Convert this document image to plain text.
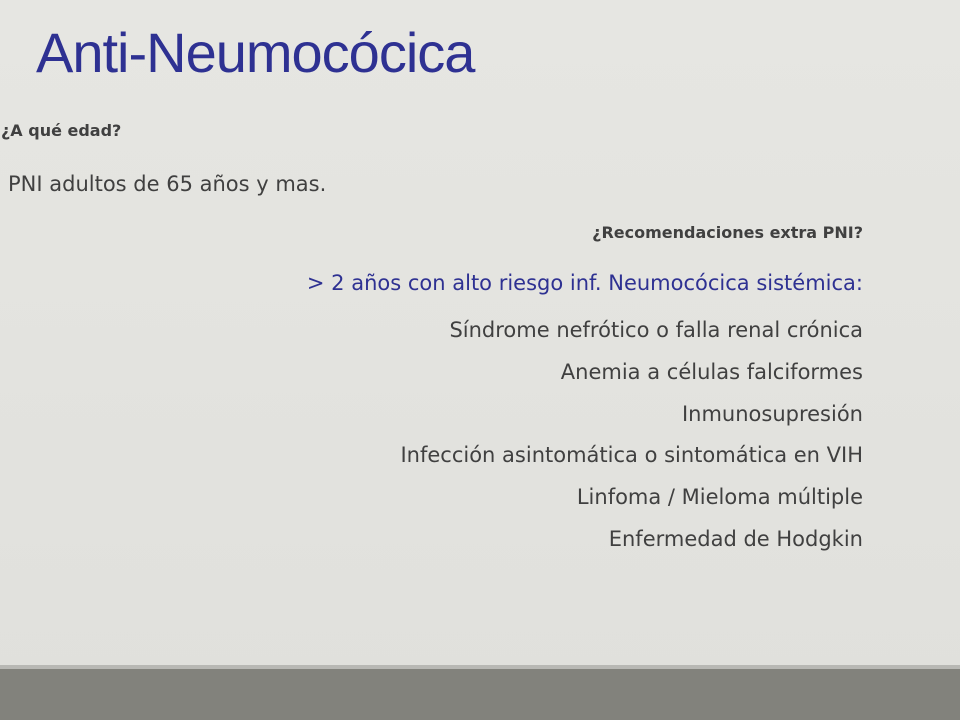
Anti-Neumocócica
¿A qué edad?
PNI adultos de 65 años y mas.
¿Recomendaciones extra PNI?
> 2 años con alto riesgo inf. Neumocócica sistémica:
Síndrome nefrótico o falla renal crónica
Anemia a células falciformes
Inmunosupresión
Infección asintomática o sintomática en VIH
Linfoma / Mieloma múltiple
Enfermedad de Hodgkin
